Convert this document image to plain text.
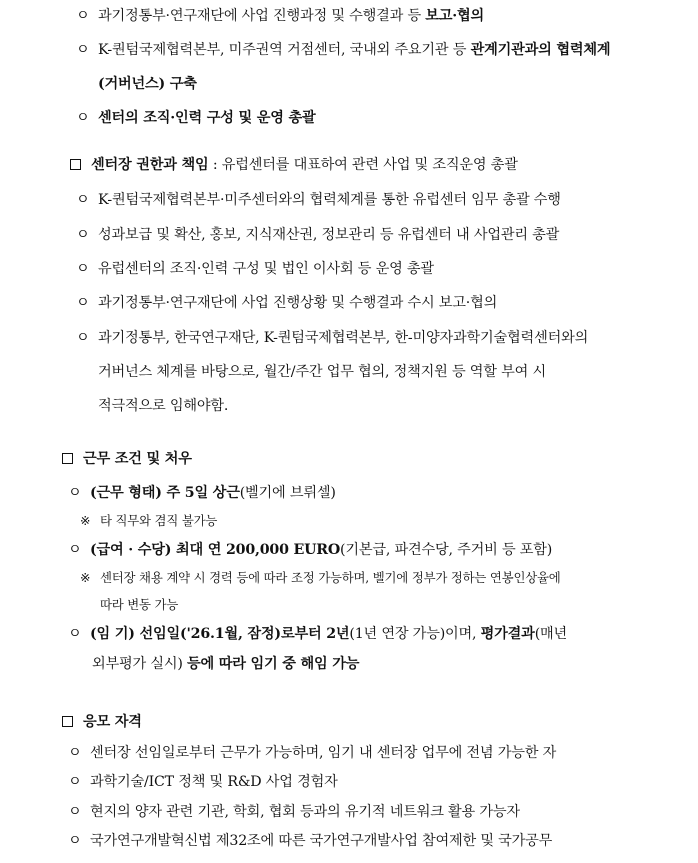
ㅇ 과기정통부·연구재단에 사업 진행과정 및 수행결과 등 보고·협의
ㅇ K-퀀텀국제협력본부, 미주권역 거점센터, 국내외 주요기관 등 관계기관과의 협력체계
(거버넌스) 구축
ㅇ 센터의 조직·인력 구성 및 운영 총괄
센터장 권한과 책임 : 유럽센터를 대표하여 관련 사업 및 조직운영 총괄
ㅇ K-퀀텀국제협력본부·미주센터와의 협력체계를 통한 유럽센터 임무 총괄 수행
ㅇ 성과보급 및 확산, 홍보, 지식재산권, 정보관리 등 유럽센터 내 사업관리 총괄
ㅇ 유럽센터의 조직·인력 구성 및 법인 이사회 등 운영 총괄
ㅇ 과기정통부·연구재단에 사업 진행상황 및 수행결과 수시 보고·협의
ㅇ 과기정통부, 한국연구재단, K-퀀텀국제협력본부, 한-미양자과학기술협력센터와의
거버넌스 체계를 바탕으로, 월간/주간 업무 협의, 정책지원 등 역할 부여 시
적극적으로 임해야함.
근무 조건 및 처우
ㅇ (근무 형태) 주 5일 상근(벨기에 브뤼셀)
※ 타 직무와 겸직 불가능
ㅇ (급여 · 수당) 최대 연 200,000 EURO(기본급, 파견수당, 주거비 등 포함)
※ 센터장 채용 계약 시 경력 등에 따라 조정 가능하며, 벨기에 정부가 정하는 연봉인상율에
따라 변동 가능
ㅇ (임 기) 선임일('26.1월, 잠정)로부터 2년(1년 연장 가능)이며, 평가결과(매년
외부평가 실시) 등에 따라 임기 중 해임 가능
응모 자격
ㅇ 센터장 선임일로부터 근무가 가능하며, 임기 내 센터장 업무에 전념 가능한 자
ㅇ 과학기술/ICT 정책 및 R&D 사업 경험자
ㅇ 현지의 양자 관련 기관, 학회, 협회 등과의 유기적 네트워크 활용 가능자
ㅇ 국가연구개발혁신법 제32조에 따른 국가연구개발사업 참여제한 및 국가공무
